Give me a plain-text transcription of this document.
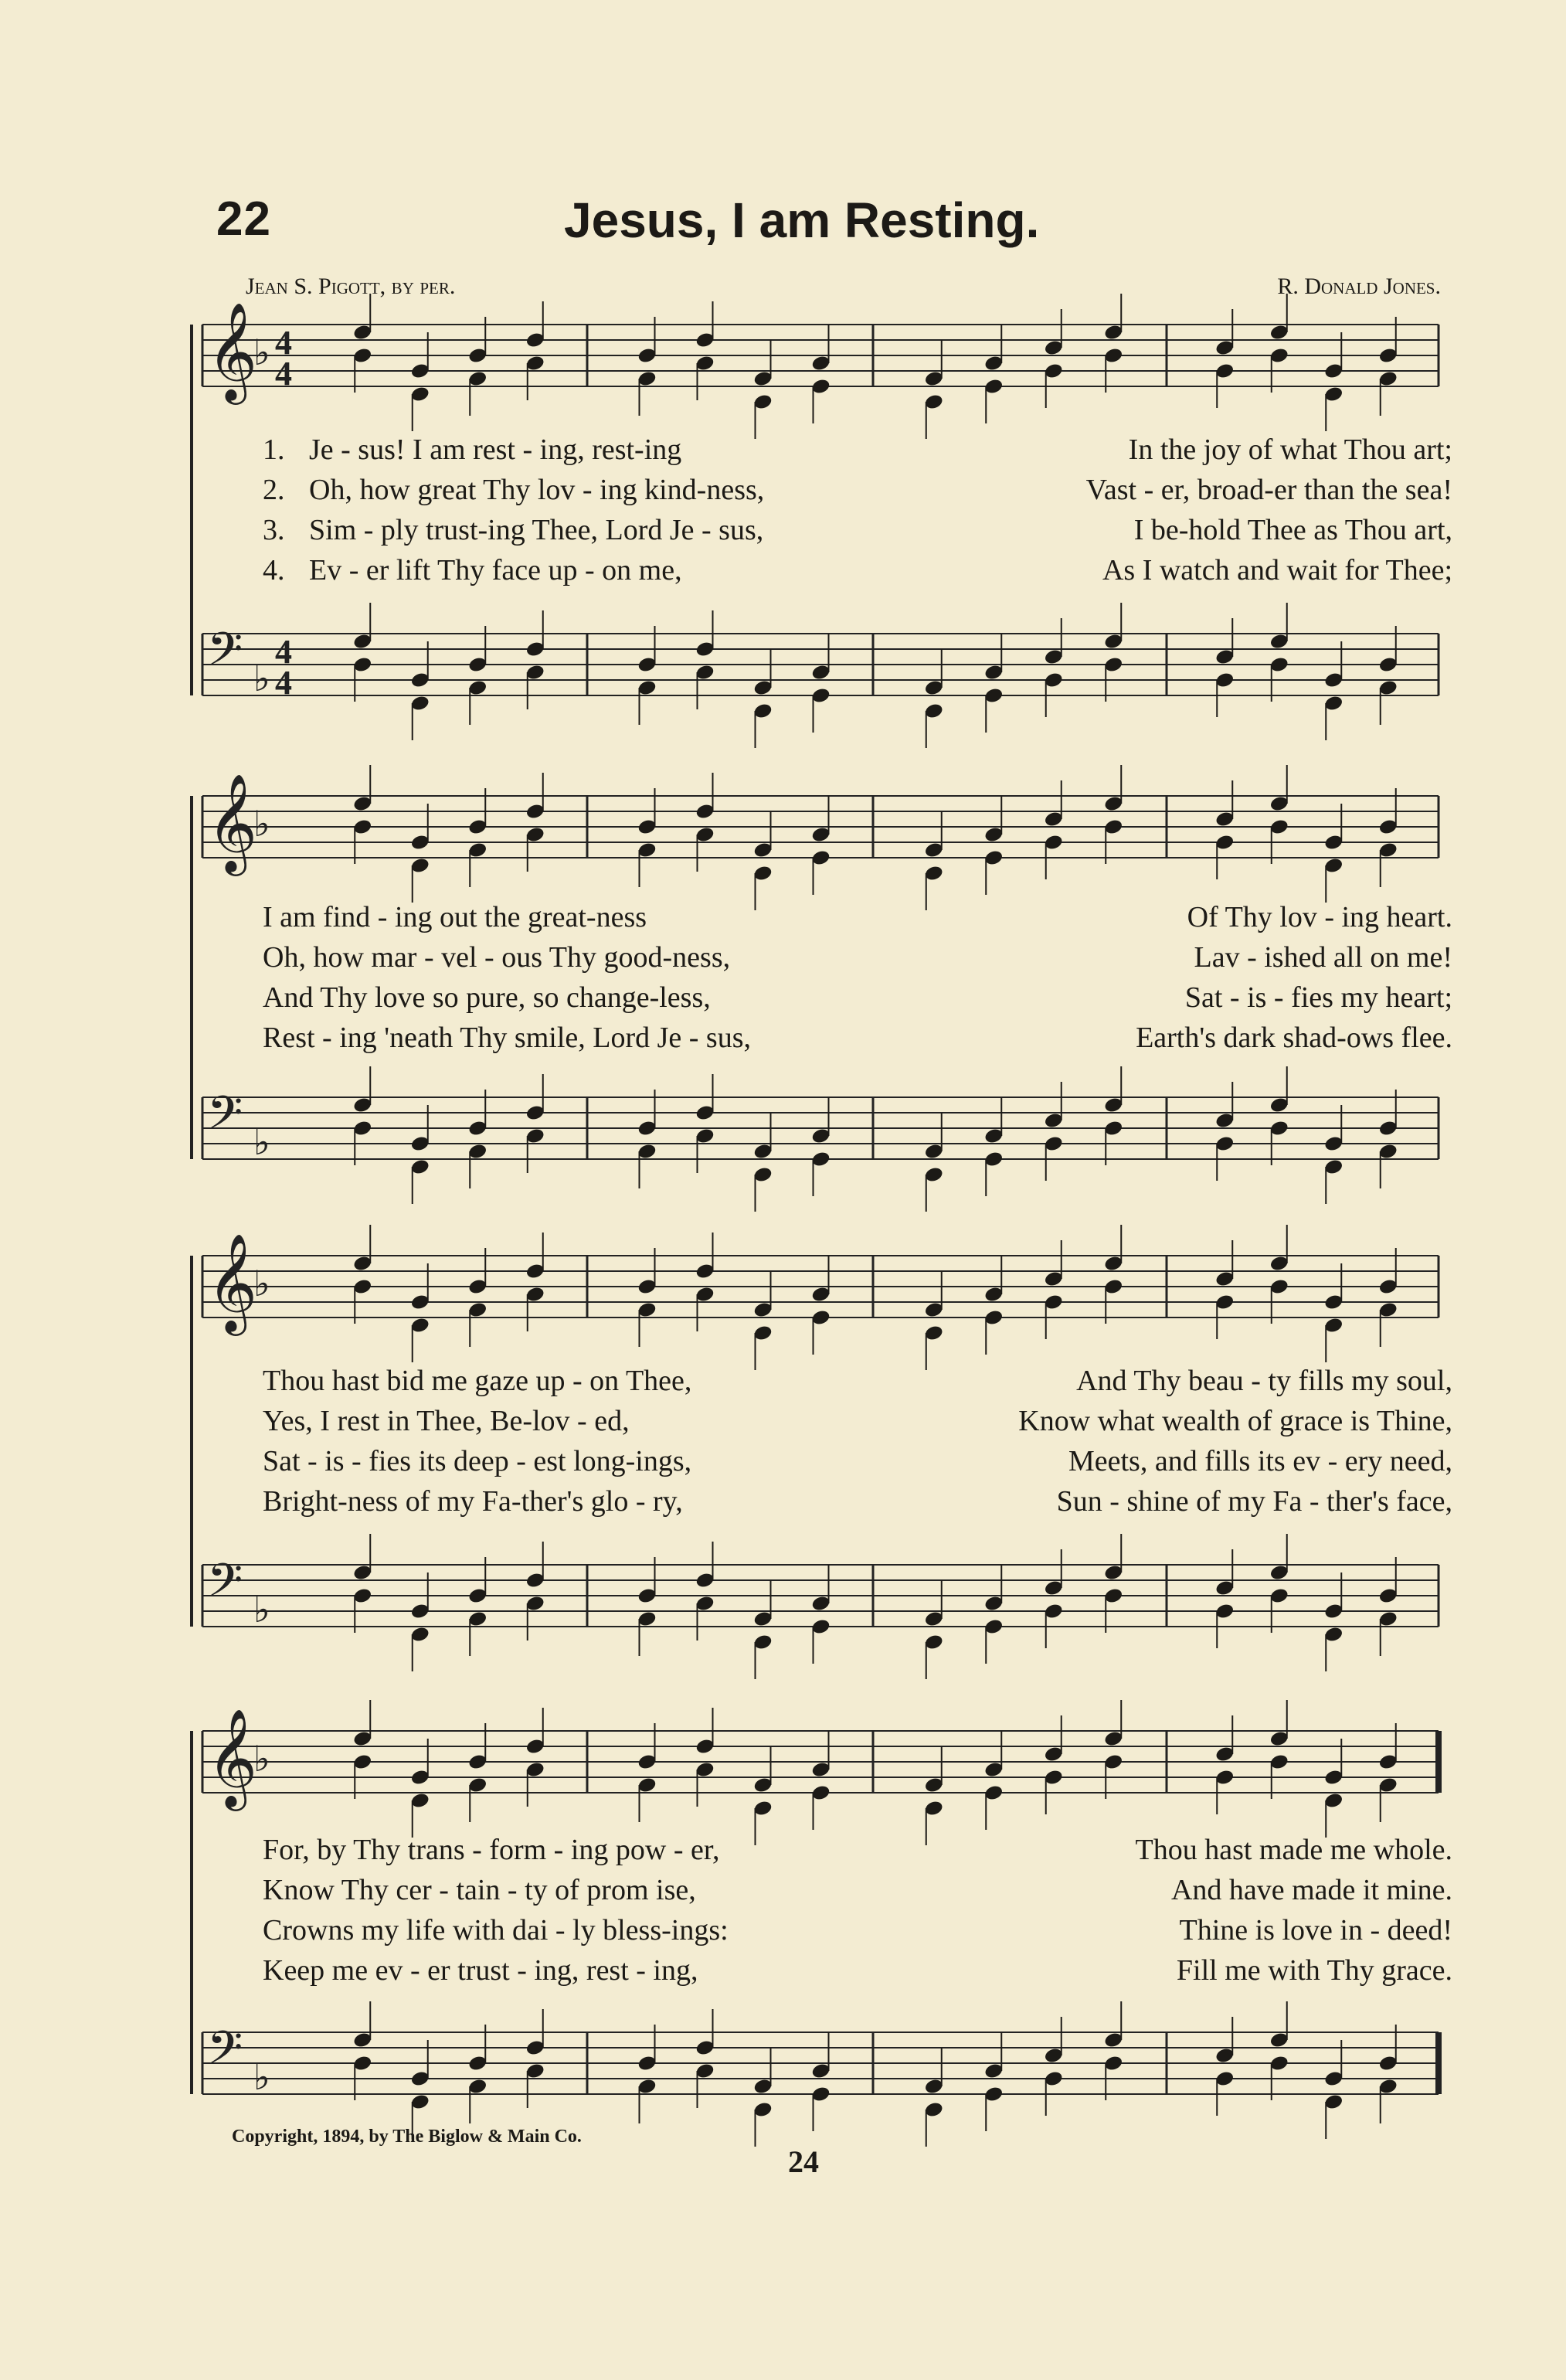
22	Jesus, I am Resting.
Jean S. Pigott, by per.	R. Donald Jones.
𝄞
♭ 4
4
𝄢 ♭
4
4
1. Je - sus! I am rest - ing, rest-ing	In the joy of what Thou art;
2. Oh, how great Thy lov - ing kind-ness,	Vast - er, broad-er than the sea!
3. Sim - ply trust-ing Thee, Lord Je - sus,	I be-hold Thee as Thou art,
4. Ev - er lift Thy face up - on me,	As I watch and wait for Thee;
𝄞
♭
𝄢 ♭
I am find - ing out the great-ness	Of Thy lov - ing heart.
Oh, how mar - vel - ous Thy good-ness,	Lav - ished all on me!
And Thy love so pure, so change-less,	Sat - is - fies my heart;
Rest - ing 'neath Thy smile, Lord Je - sus,	Earth's dark shad-ows flee.
𝄞
♭
𝄢 ♭
Thou hast bid me gaze up - on Thee,	And Thy beau - ty fills my soul,
Yes, I rest in Thee, Be-lov - ed,	Know what wealth of grace is Thine,
Sat - is - fies its deep - est long-ings,	Meets, and fills its ev - ery need,
Bright-ness of my Fa-ther's glo - ry,	Sun - shine of my Fa - ther's face,
𝄞
♭
𝄢 ♭
For, by Thy trans - form - ing pow - er,	Thou hast made me whole.
Know Thy cer - tain - ty of prom ise,	And have made it mine.
Crowns my life with dai - ly bless-ings:	Thine is love in - deed!
Keep me ev - er trust - ing, rest - ing,	Fill me with Thy grace.
Copyright, 1894, by The Biglow & Main Co.
24
